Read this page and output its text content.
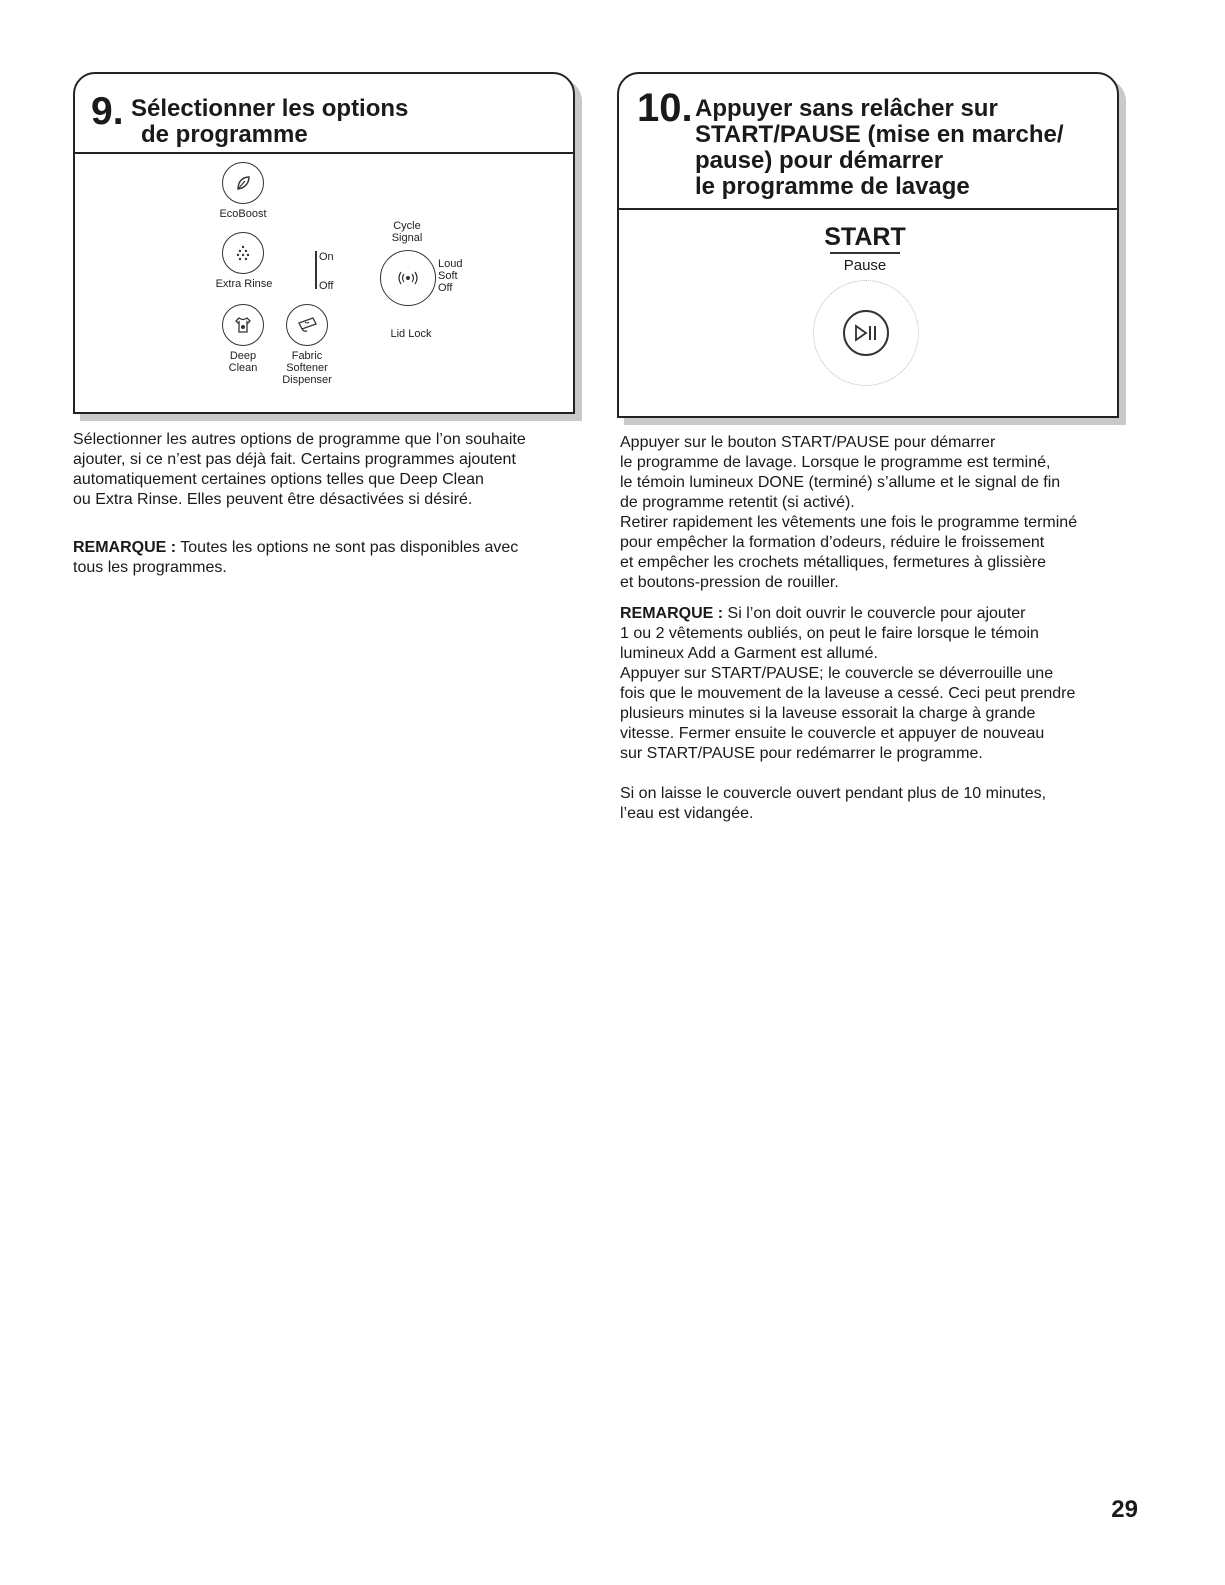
9. Sélectionner les options
de programme
EcoBoost
Extra Rinse
On
Off
Cycle
Signal
Loud
Soft
Off
Deep
Clean
Fabric
Softener
Dispenser
Lid Lock
Sélectionner les autres options de programme que l’on souhaite
ajouter, si ce n’est pas déjà fait. Certains programmes ajoutent
automatiquement certaines options telles que Deep Clean
ou Extra Rinse. Elles peuvent être désactivées si désiré.
REMARQUE : Toutes les options ne sont pas disponibles avec
tous les programmes.
10. Appuyer sans relâcher sur
START/PAUSE (mise en marche/
pause) pour démarrer
le programme de lavage
START
Pause
Appuyer sur le bouton START/PAUSE pour démarrer
le programme de lavage. Lorsque le programme est terminé,
le témoin lumineux DONE (terminé) s’allume et le signal de fin
de programme retentit (si activé).
Retirer rapidement les vêtements une fois le programme terminé
pour empêcher la formation d’odeurs, réduire le froissement
et empêcher les crochets métalliques, fermetures à glissière
et boutons-pression de rouiller.
REMARQUE : Si l’on doit ouvrir le couvercle pour ajouter
1 ou 2 vêtements oubliés, on peut le faire lorsque le témoin
lumineux Add a Garment est allumé.
Appuyer sur START/PAUSE; le couvercle se déverrouille une
fois que le mouvement de la laveuse a cessé. Ceci peut prendre
plusieurs minutes si la laveuse essorait la charge à grande
vitesse. Fermer ensuite le couvercle et appuyer de nouveau
sur START/PAUSE pour redémarrer le programme.
Si on laisse le couvercle ouvert pendant plus de 10 minutes,
l’eau est vidangée.
29
